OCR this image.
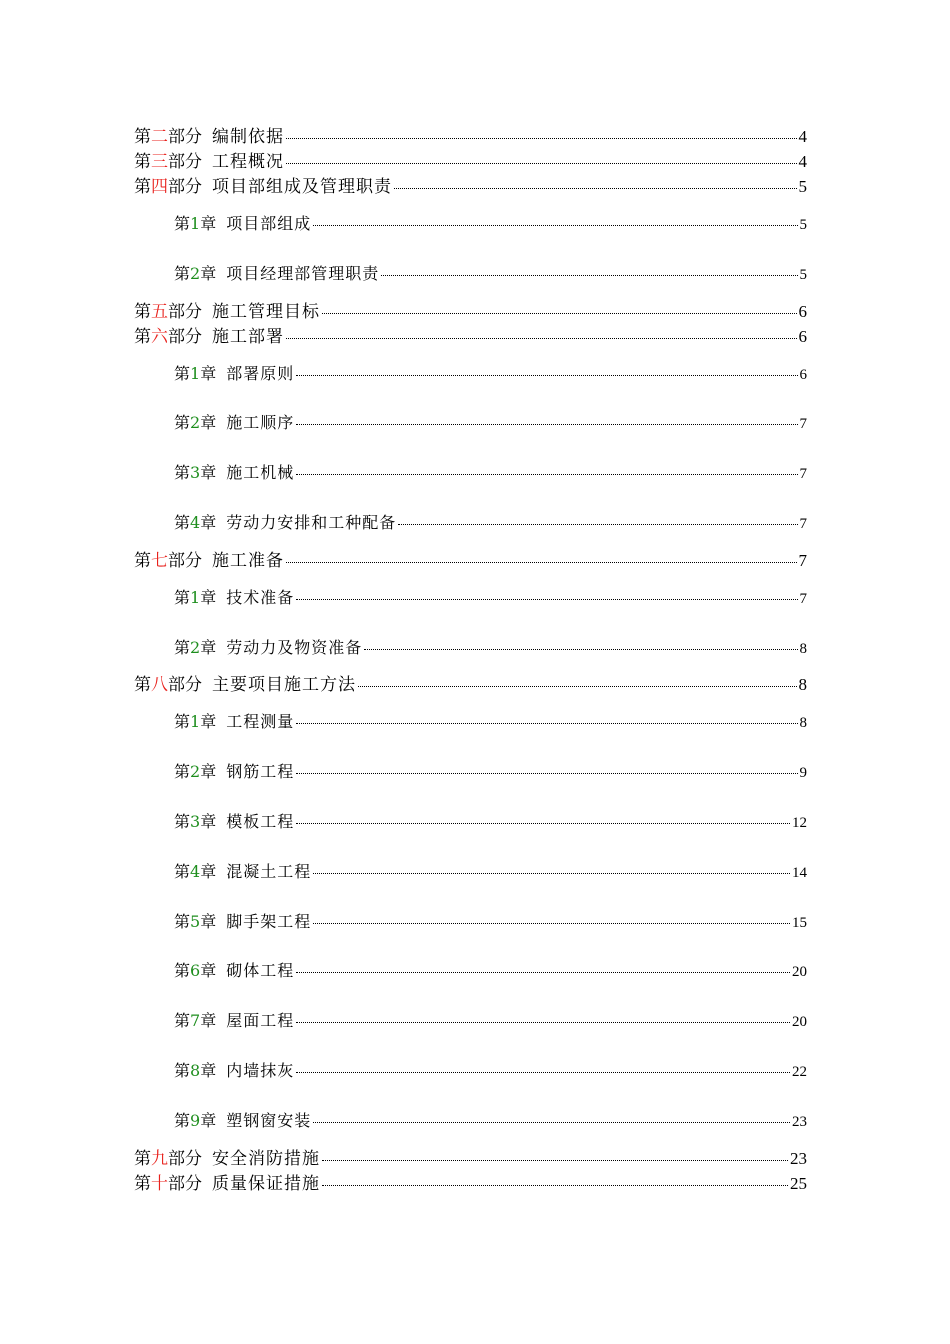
第 二 部分 编制依据	4
第 三 部分 工程概况	4
第 四 部分 项目部组成及管理职责	5
第 1 章 项目部组成	5
第 2 章 项目经理部管理职责	5
第 五 部分 施工管理目标	6
第 六 部分 施工部署	6
第 1 章 部署原则	6
第 2 章 施工顺序	7
第 3 章 施工机械	7
第 4 章 劳动力安排和工种配备	7
第 七 部分 施工准备	7
第 1 章 技术准备	7
第 2 章 劳动力及物资准备	8
第 八 部分 主要项目施工方法	8
第 1 章 工程测量	8
第 2 章 钢筋工程	9
第 3 章 模板工程	12
第 4 章 混凝土工程	14
第 5 章 脚手架工程	15
第 6 章 砌体工程	20
第 7 章 屋面工程	20
第 8 章 内墙抹灰	22
第 9 章 塑钢窗安装	23
第 九 部分 安全消防措施	23
第 十 部分 质量保证措施	25
